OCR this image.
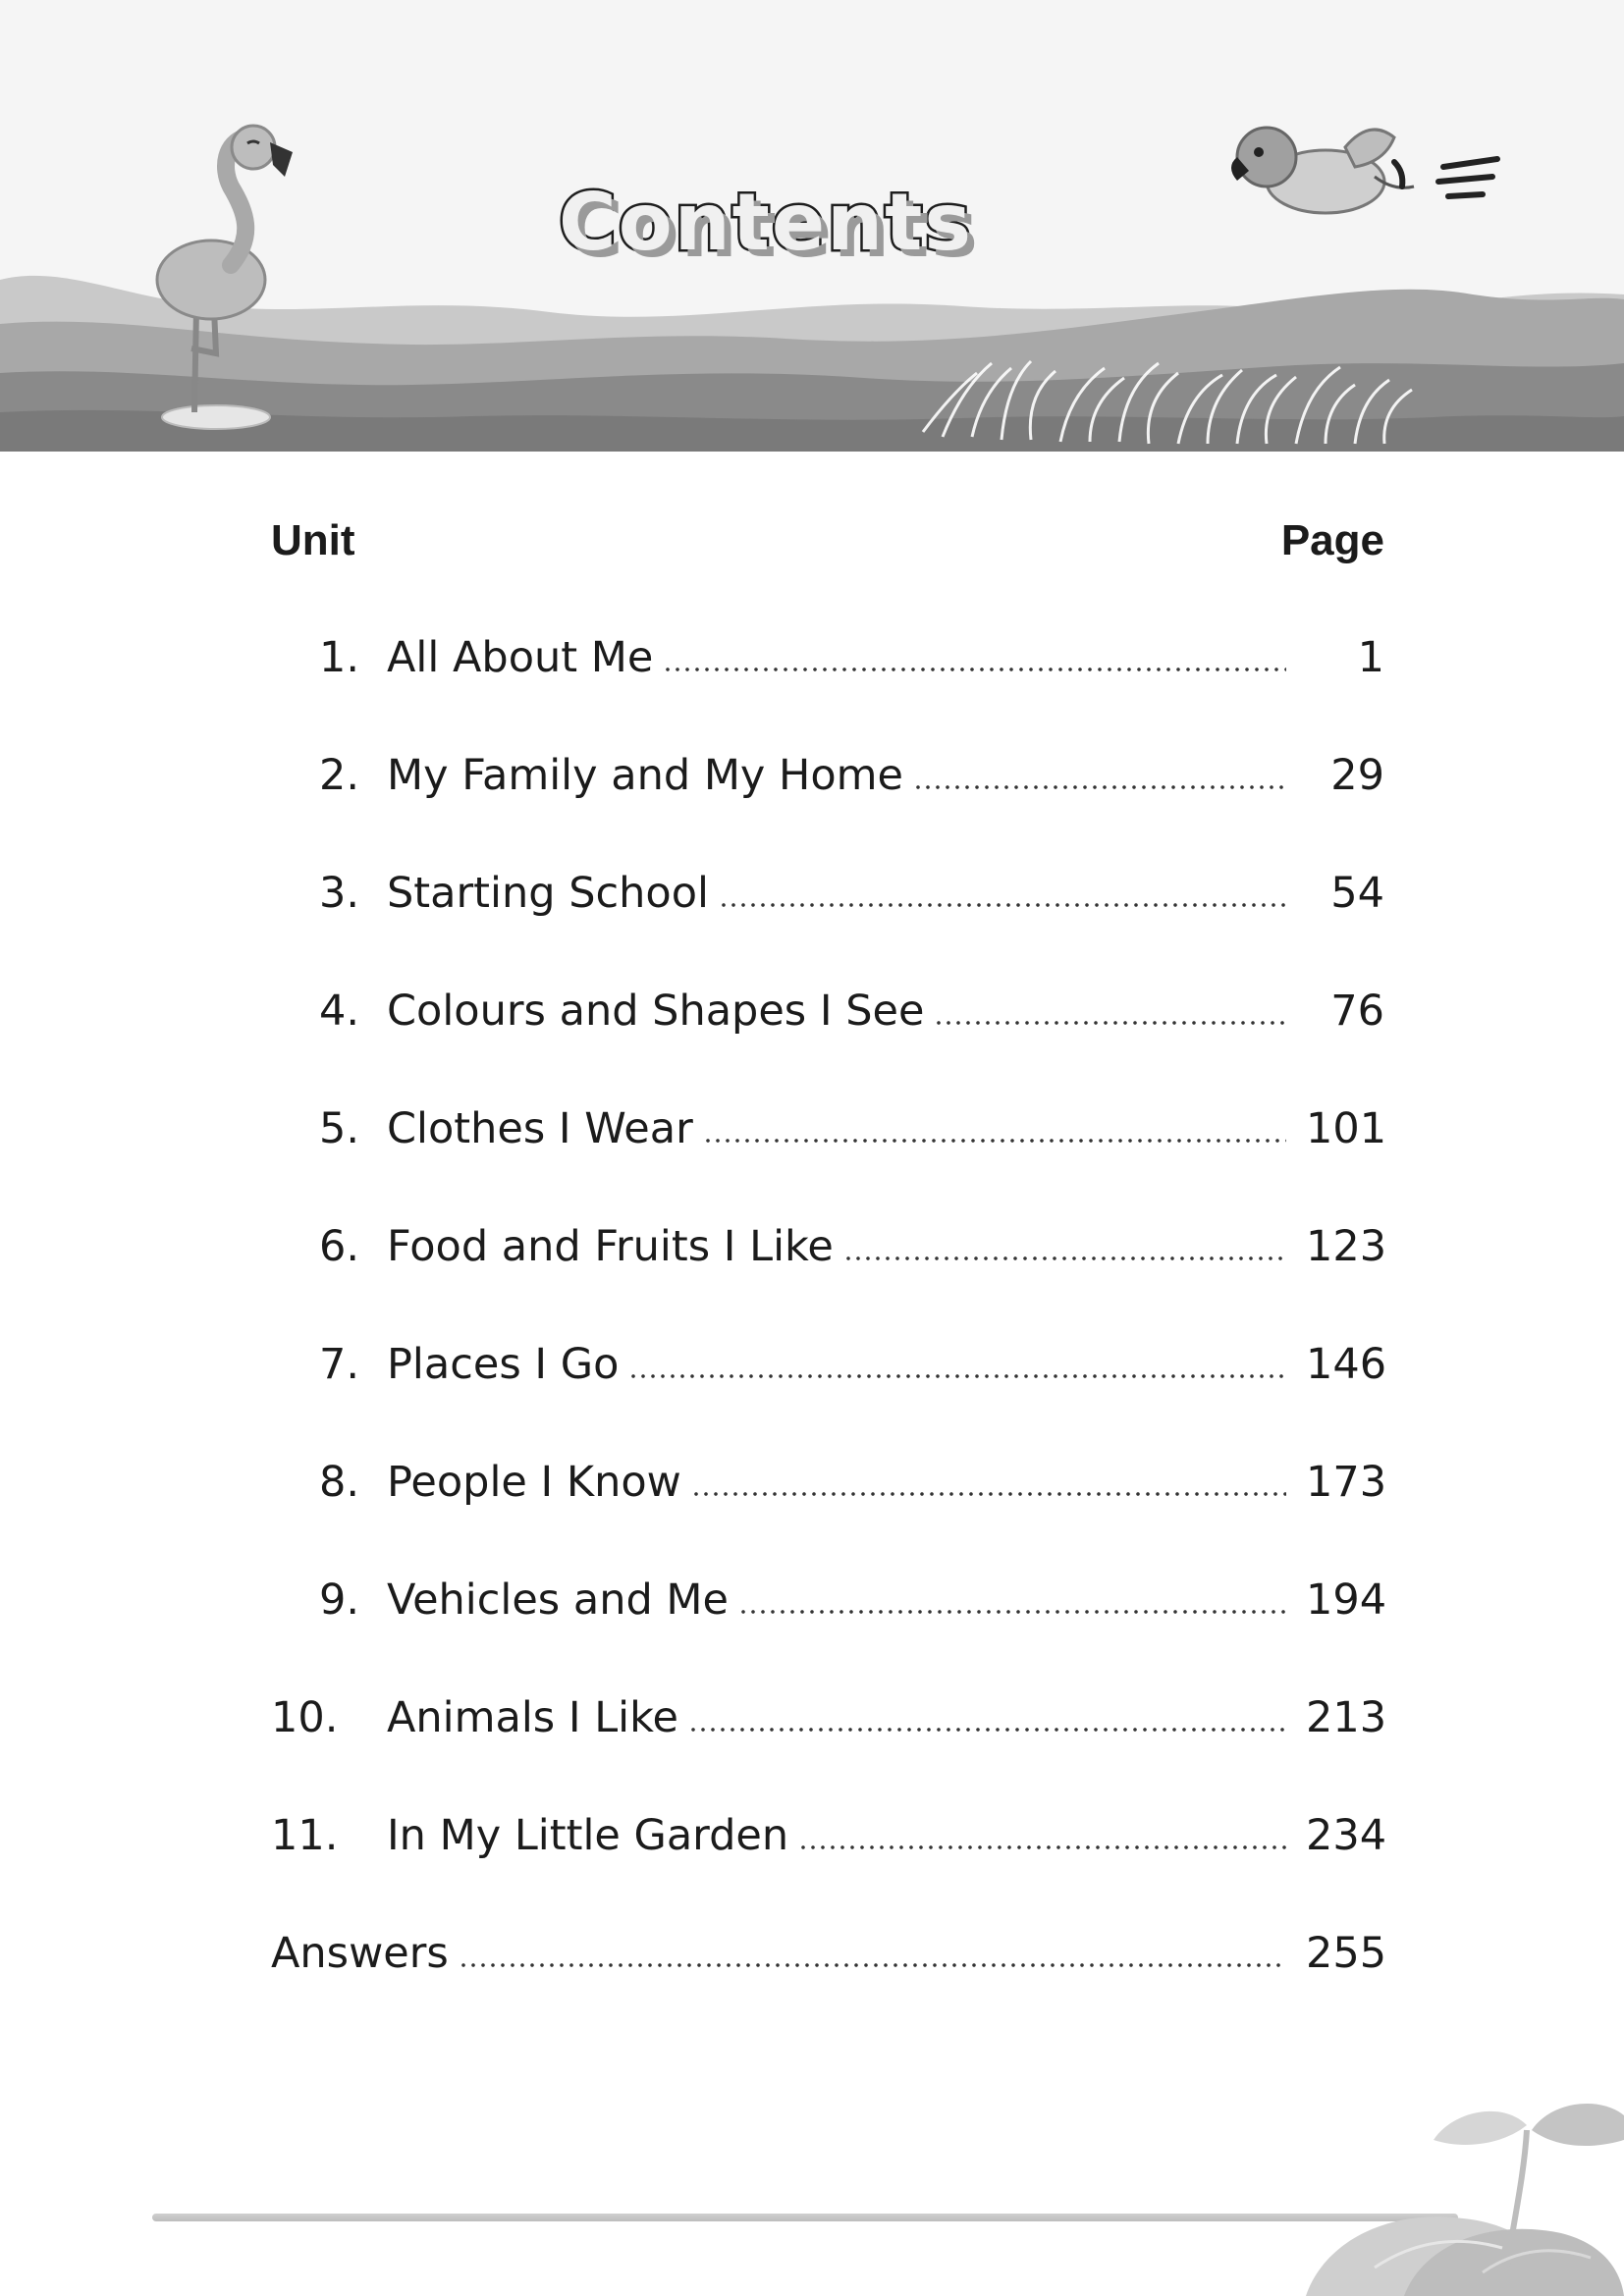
Contents
Unit	Page
1. All About Me	1
2. My Family and My Home	29
3. Starting School	54
4. Colours and Shapes I See	76
5. Clothes I Wear	101
6. Food and Fruits I Like	123
7. Places I Go	146
8. People I Know	173
9. Vehicles and Me	194
10.	Animals I Like	213
11.	In My Little Garden	234
Answers	255
